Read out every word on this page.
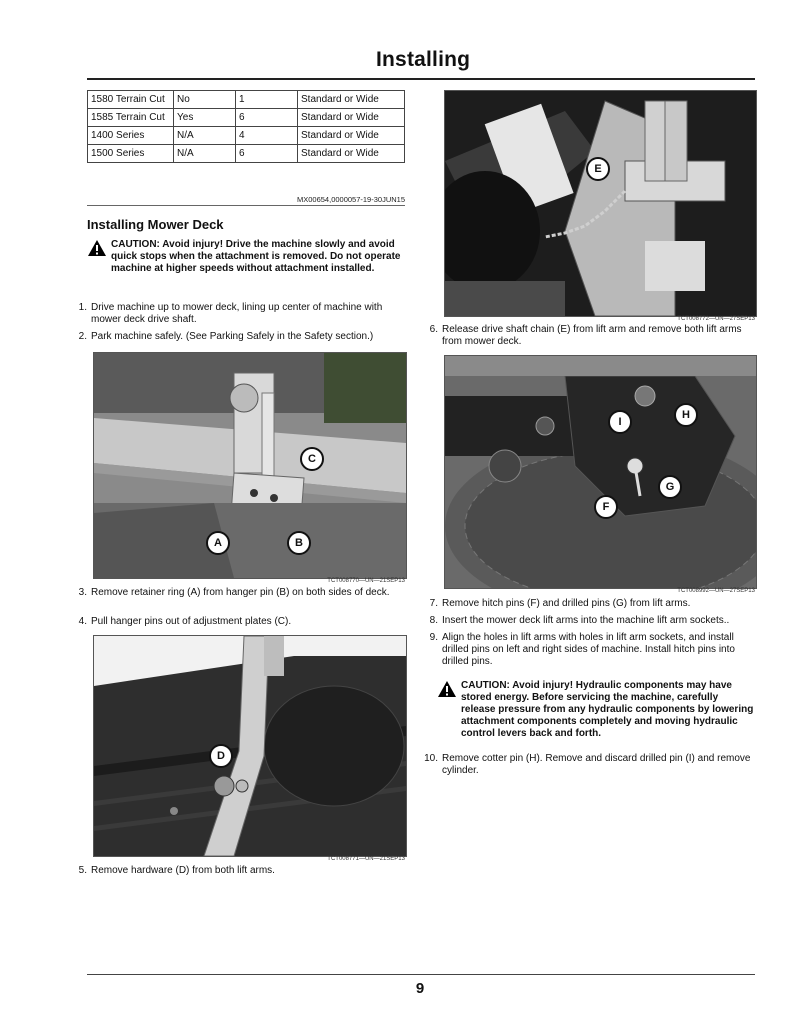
Installing
1580 Terrain Cut	No	1	Standard or Wide
1585 Terrain Cut	Yes	6	Standard or Wide
1400 Series	N/A	4	Standard or Wide
1500 Series	N/A	6	Standard or Wide
MX00654,0000057-19-30JUN15
Installing Mower Deck
CAUTION: Avoid injury! Drive the machine slowly and avoid quick stops when the attachment is removed. Do not operate machine at higher speeds without attachment installed.
1. Drive machine up to mower deck, lining up center of machine with mower deck drive shaft.
2. Park machine safely. (See Parking Safely in the Safety section.)
C
A	B
TCT008770—UN—21SEP13
3. Remove retainer ring (A) from hanger pin (B) on both sides of deck.
4. Pull hanger pins out of adjustment plates (C).
D
TCT008771—UN—21SEP13
5. Remove hardware (D) from both lift arms.
E
TCT008772—UN—27SEP13
6. Release drive shaft chain (E) from lift arm and remove both lift arms from mower deck.
I
H
G
F
TCT008992—UN—27SEP13
7. Remove hitch pins (F) and drilled pins (G) from lift arms.
8. Insert the mower deck lift arms into the machine lift arm sockets..
9. Align the holes in lift arms with holes in lift arm sockets, and install drilled pins on left and right sides of machine. Install hitch pins into drilled pins.
CAUTION: Avoid injury! Hydraulic components may have stored energy. Before servicing the machine, carefully release pressure from any hydraulic components by lowering attachment components completely and moving hydraulic control levers back and forth.
10. Remove cotter pin (H). Remove and discard drilled pin (I) and remove cylinder.
9
